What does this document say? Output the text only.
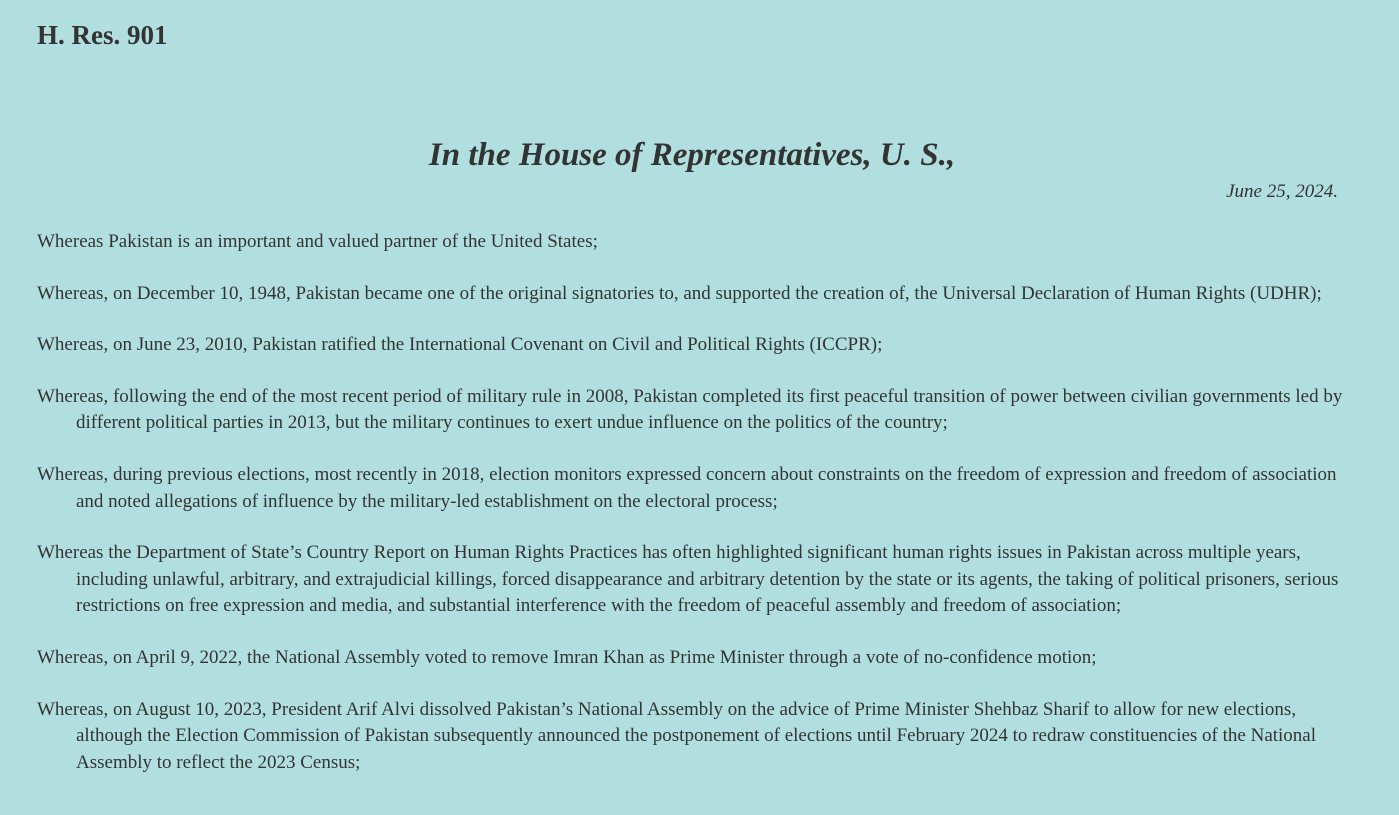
H. Res. 901
In the House of Representatives, U. S.,

June 25, 2024.

Whereas Pakistan is an important and valued partner of the United States;
Whereas, on December 10, 1948, Pakistan became one of the original signatories to, and supported the creation of, the Universal Declaration of Human Rights (UDHR);
Whereas, on June 23, 2010, Pakistan ratified the International Covenant on Civil and Political Rights (ICCPR);
Whereas, following the end of the most recent period of military rule in 2008, Pakistan completed its first peaceful transition of power between civilian governments led by different political parties in 2013, but the military continues to exert undue influence on the politics of the country;
Whereas, during previous elections, most recently in 2018, election monitors expressed concern about constraints on the freedom of expression and freedom of association and noted allegations of influence by the military-led establishment on the electoral process;
Whereas the Department of State’s Country Report on Human Rights Practices has often highlighted significant human rights issues in Pakistan across multiple years, including unlawful, arbitrary, and extrajudicial killings, forced disappearance and arbitrary detention by the state or its agents, the taking of political prisoners, serious restrictions on free expression and media, and substantial interference with the freedom of peaceful assembly and freedom of association;
Whereas, on April 9, 2022, the National Assembly voted to remove Imran Khan as Prime Minister through a vote of no-confidence motion;
Whereas, on August 10, 2023, President Arif Alvi dissolved Pakistan’s National Assembly on the advice of Prime Minister Shehbaz Sharif to allow for new elections, although the Election Commission of Pakistan subsequently announced the postponement of elections until February 2024 to redraw constituencies of the National Assembly to reflect the 2023 Census;
